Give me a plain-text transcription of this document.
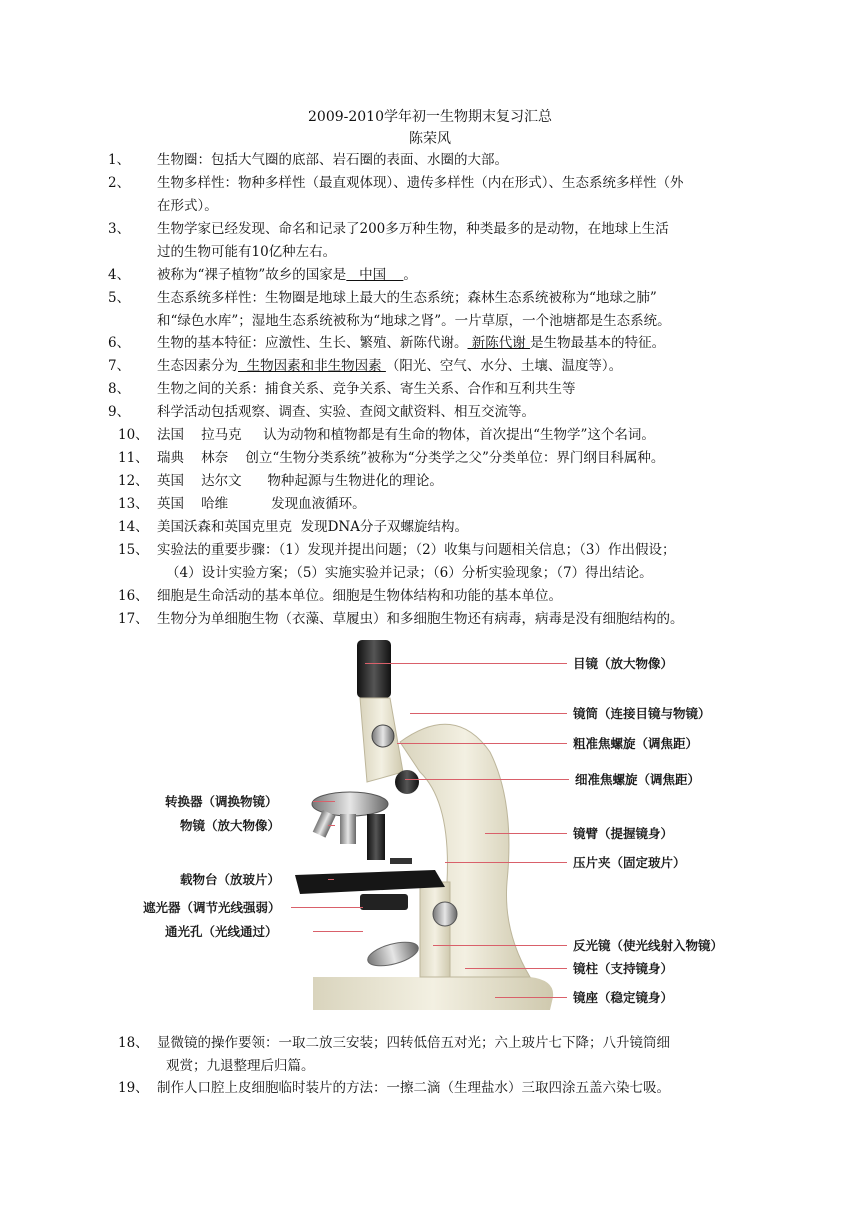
2009-2010学年初一生物期末复习汇总
陈荣风
1、	生物圈：包括大气圈的底部、岩石圈的表面、水圈的大部。
2、	生物多样性：物种多样性（最直观体现）、遗传多样性（内在形式）、生态系统多样性（外
在形式）。
3、	生物学家已经发现、命名和记录了200多万种生物，种类最多的是动物，在地球上生活
过的生物可能有10亿种左右。
4、	被称为“裸子植物”故乡的国家是   中国    。
5、	生态系统多样性：生物圈是地球上最大的生态系统；森林生态系统被称为“地球之肺”
和“绿色水库”；湿地生态系统被称为“地球之肾”。一片草原，一个池塘都是生态系统。
6、	生物的基本特征：应激性、生长、繁殖、新陈代谢。 新陈代谢 是生物最基本的特征。
7、	生态因素分为  生物因素和非生物因素 （阳光、空气、水分、土壤、温度等）。
8、	生物之间的关系：捕食关系、竞争关系、寄生关系、合作和互利共生等
9、	科学活动包括观察、调查、实验、查阅文献资料、相互交流等。
10、 法国    拉马克     认为动物和植物都是有生命的物体，首次提出“生物学”这个名词。
11、 瑞典    林奈    创立“生物分类系统”被称为“分类学之父”分类单位：界门纲目科属种。
12、 英国    达尔文      物种起源与生物进化的理论。
13、 英国    哈维          发现血液循环。
14、 美国沃森和英国克里克  发现DNA分子双螺旋结构。
15、 实验法的重要步骤：（1）发现并提出问题；（2）收集与问题相关信息；（3）作出假设；
（4）设计实验方案；（5）实施实验并记录；（6）分析实验现象；（7）得出结论。
16、 细胞是生命活动的基本单位。细胞是生物体结构和功能的基本单位。
17、 生物分为单细胞生物（衣藻、草履虫）和多细胞生物还有病毒，病毒是没有细胞结构的。
18、 显微镜的操作要领：一取二放三安装；四转低倍五对光；六上玻片七下降；八升镜筒细
观赏；九退整理后归篇。
19、 制作人口腔上皮细胞临时装片的方法：一擦二滴（生理盐水）三取四涂五盖六染七吸。
转换器（调换物镜）
物镜（放大物像）
载物台（放玻片）
遮光器（调节光线强弱）
通光孔（光线通过）
目镜（放大物像）
镜筒（连接目镜与物镜）
粗准焦螺旋（调焦距）
细准焦螺旋（调焦距）
镜臂（提握镜身）
压片夹（固定玻片）
反光镜（使光线射入物镜）
镜柱（支持镜身）
镜座（稳定镜身）
